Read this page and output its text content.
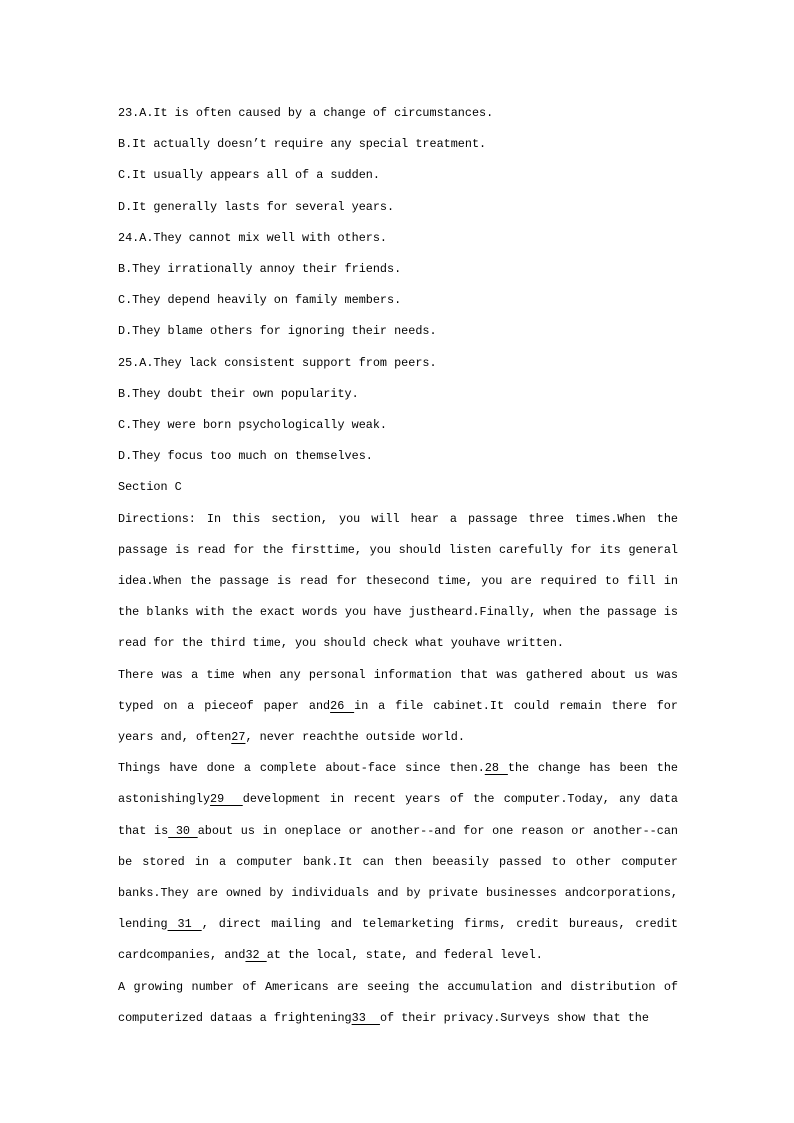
23.A.It is often caused by a change of circumstances.

B.It actually doesn’t require any special treatment.

C.It usually appears all of a sudden.

D.It generally lasts for several years.

24.A.They cannot mix well with others.

B.They irrationally annoy their friends.

C.They depend heavily on family members.

D.They blame others for ignoring their needs.

25.A.They lack consistent support from peers.

B.They doubt their own popularity.

C.They were born psychologically weak.

D.They focus too much on themselves.

Section C

Directions: In this section, you will hear a passage three times.When the passage is read for the firsttime, you should listen carefully for its general idea.When the passage is read for thesecond time, you are required to fill in the blanks with the exact words you have justheard.Finally, when the passage is read for the third time, you should check what youhave written.

There was a time when any personal information that was gathered about us was typed on a pieceof paper and26 in a file cabinet.It could remain there for years and, often27, never reachthe outside world.

Things have done a complete about-face since then.28 the change has been the astonishingly29  development in recent years of the computer.Today, any data that is 30 about us in oneplace or another--and for one reason or another--can be stored in a computer bank.It can then beeasily passed to other computer banks.They are owned by individuals and by private businesses andcorporations, lending 31 , direct mailing and telemarketing firms, credit bureaus, credit cardcompanies, and32 at the local, state, and federal level.

A growing number of Americans are seeing the accumulation and distribution of computerized dataas a frightening33  of their privacy.Surveys show that the
